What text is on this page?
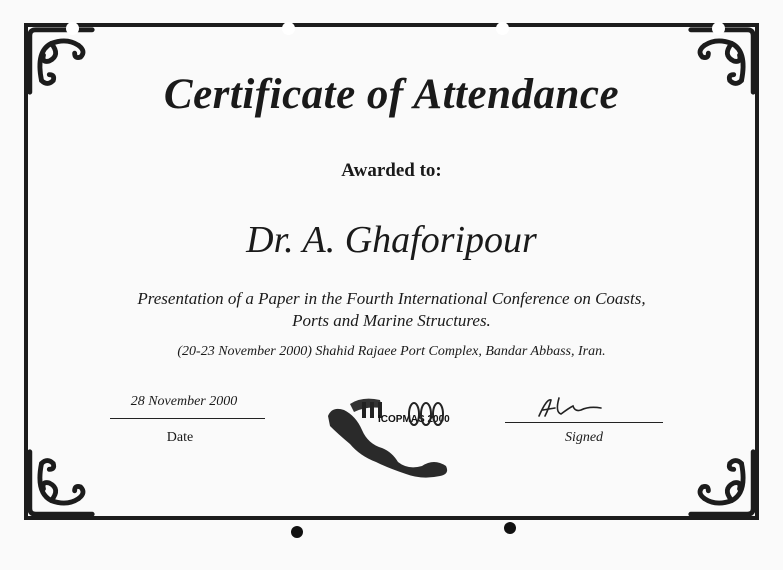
Certificate of Attendance
Awarded to:
Dr. A. Ghaforipour
Presentation of a Paper in the Fourth International Conference on Coasts,
Ports and Marine Structures.
(20-23 November 2000) Shahid Rajaee Port Complex, Bandar Abbass, Iran.
28 November 2000
Date	Signed
ICOPMAS 2000
